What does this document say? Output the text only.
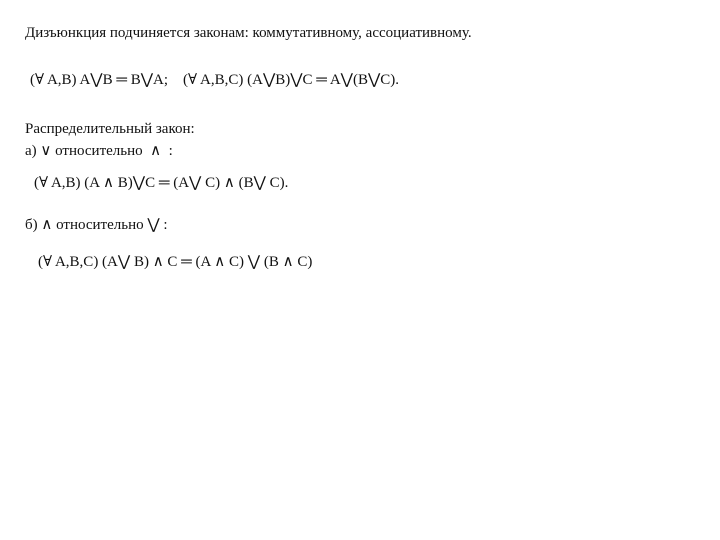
Дизъюнкция подчиняется законам: коммутативному, ассоциативному.
(∀ A,B) A⋁B ═ B⋁A;    (∀ A,B,C) (A⋁B)⋁C ═ A⋁(B⋁C).
Распределительный закон:
а) ∨ относительно  ∧  :
(∀ A,B) (A ∧ B)⋁C ═ (A⋁ C) ∧ (B⋁ C).
б) ∧ относительно ⋁ :
(∀ A,B,C) (A⋁ B) ∧ C ═ (A ∧ C) ⋁ (B ∧ C)
